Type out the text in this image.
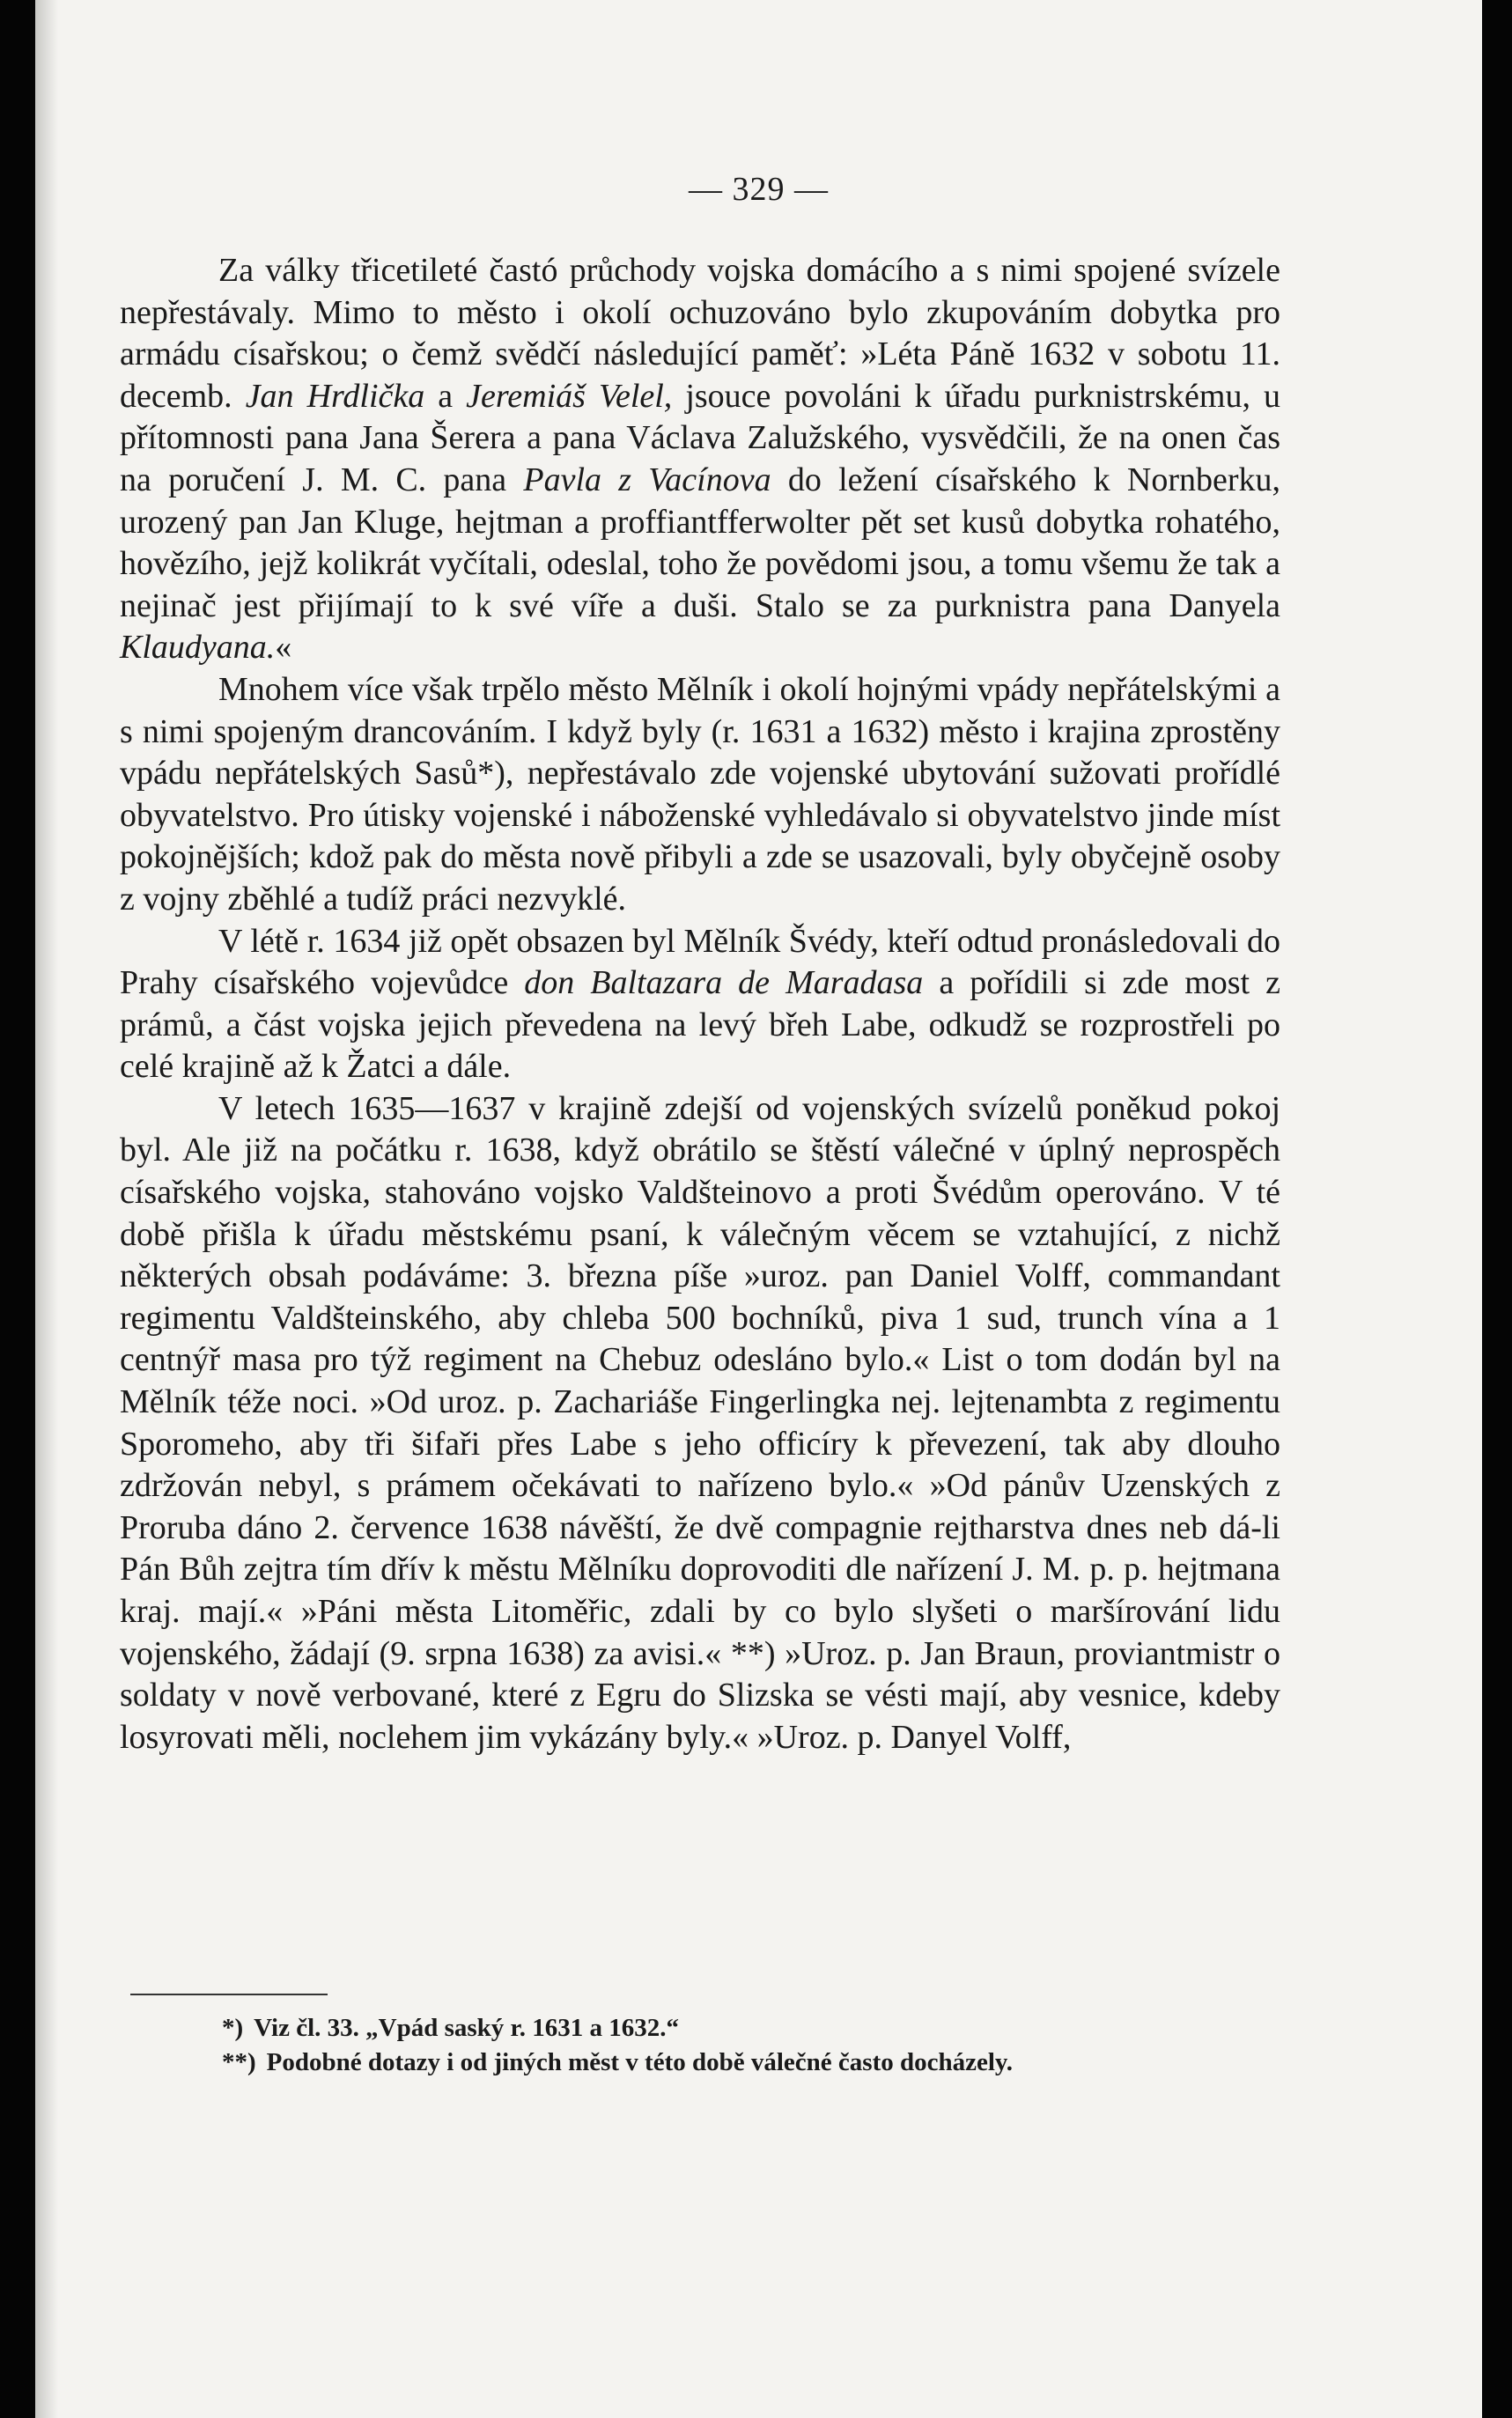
— 329 —

Za války třicetileté častó průchody vojska domácího a s nimi spojené svízele nepřestávaly. Mimo to město i okolí ochuzováno bylo zkupováním dobytka pro armádu císařskou; o čemž svědčí následující paměť: »Léta Páně 1632 v sobotu 11. decemb. Jan Hrdlička a Jeremiáš Velel, jsouce povoláni k úřadu purknistrskému, u přítomnosti pana Jana Šerera a pana Václava Zalužského, vysvědčili, že na onen čas na poručení J. M. C. pana Pavla z Vacínova do ležení císařského k Nornberku, urozený pan Jan Kluge, hejtman a proffiantfferwolter pět set kusů dobytka rohatého, hovězího, jejž kolikrát vyčítali, odeslal, toho že povědomi jsou, a tomu všemu že tak a nejinač jest přijímají to k své víře a duši. Stalo se za purknistra pana Danyela Klaudyana.«

Mnohem více však trpělo město Mělník i okolí hojnými vpády nepřátelskými a s nimi spojeným drancováním. I když byly (r. 1631 a 1632) město i krajina zprostěny vpádu nepřátelských Sasů*), nepřestávalo zde vojenské ubytování sužovati prořídlé obyvatelstvo. Pro útisky vojenské i náboženské vyhledávalo si obyvatelstvo jinde míst pokojnějších; kdož pak do města nově přibyli a zde se usazovali, byly obyčejně osoby z vojny zběhlé a tudíž práci nezvyklé.

V létě r. 1634 již opět obsazen byl Mělník Švédy, kteří odtud pronásledovali do Prahy císařského vojevůdce don Baltazara de Maradasa a pořídili si zde most z prámů, a část vojska jejich převedena na levý břeh Labe, odkudž se rozprostřeli po celé krajině až k Žatci a dále.

V letech 1635—1637 v krajině zdejší od vojenských svízelů poněkud pokoj byl. Ale již na počátku r. 1638, když obrátilo se štěstí válečné v úplný neprospěch císařského vojska, stahováno vojsko Valdšteinovo a proti Švédům operováno. V té době přišla k úřadu městskému psaní, k válečným věcem se vztahující, z nichž některých obsah podáváme: 3. března píše »uroz. pan Daniel Volff, commandant regimentu Valdšteinského, aby chleba 500 bochníků, piva 1 sud, trunch vína a 1 centnýř masa pro týž regiment na Chebuz odesláno bylo.« List o tom dodán byl na Mělník téže noci. »Od uroz. p. Zachariáše Fingerlingka nej. lejtenambta z regimentu Sporomeho, aby tři šifaři přes Labe s jeho officíry k převezení, tak aby dlouho zdržován nebyl, s prámem očekávati to nařízeno bylo.« »Od pánův Uzenských z Proruba dáno 2. července 1638 návěští, že dvě compagnie rejtharstva dnes neb dá-li Pán Bůh zejtra tím dřív k městu Mělníku doprovoditi dle nařízení J. M. p. p. hejtmana kraj. mají.« »Páni města Litoměřic, zdali by co bylo slyšeti o maršírování lidu vojenského, žádají (9. srpna 1638) za avisi.« **) »Uroz. p. Jan Braun, proviantmistr o soldaty v nově verbované, které z Egru do Slizska se vésti mají, aby vesnice, kdeby losyrovati měli, noclehem jim vykázány byly.« »Uroz. p. Danyel Volff,

*) Viz čl. 33. „Vpád saský r. 1631 a 1632.“
**) Podobné dotazy i od jiných měst v této době válečné často docházely.
